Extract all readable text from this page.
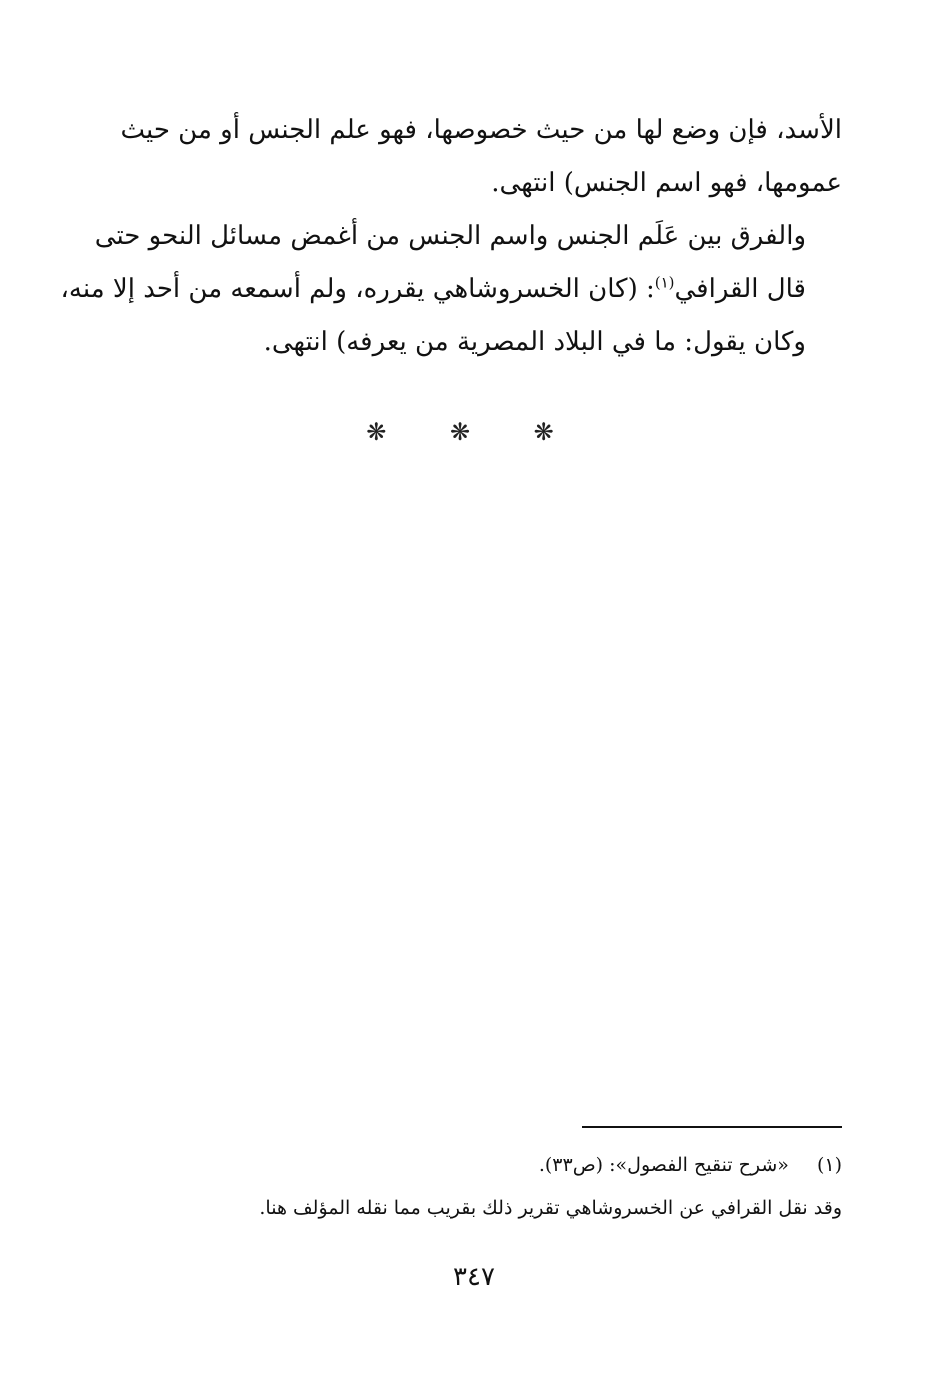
الأسد، فإن وضع لها من حيث خصوصها، فهو علم الجنس أو من حيث
عمومها، فهو اسم الجنس) انتهى.
والفرق بين عَلَم الجنس واسم الجنس من أغمض مسائل النحو حتى
قال القرافي$^{(١)}$: (كان الخسروشاهي يقرره، ولم أسمعه من أحد إلا منه،
وكان يقول: ما في البلاد المصرية من يعرفه) انتهى.
❋ ❋ ❋
(١)«شرح تنقيح الفصول»: (ص٣٣).
وقد نقل القرافي عن الخسروشاهي تقرير ذلك بقريب مما نقله المؤلف هنا.
٣٤٧
